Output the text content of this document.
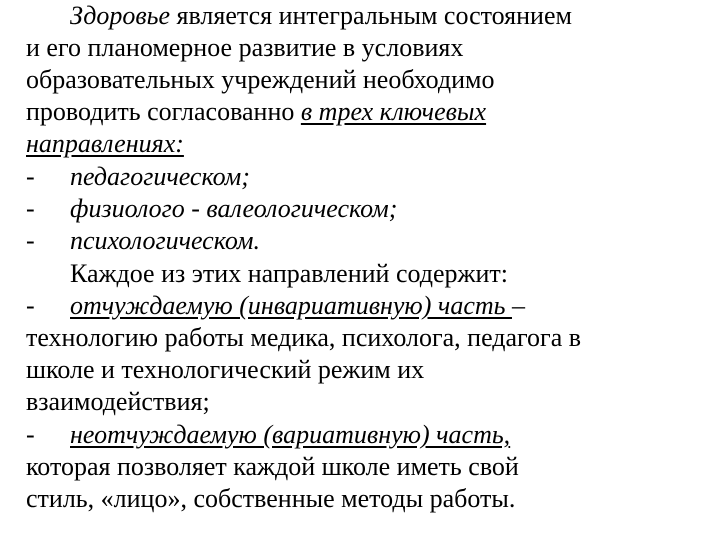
Здоровье является интегральным состоянием
и его планомерное развитие в условиях
образовательных учреждений необходимо
проводить согласованно в трех ключевых
направлениях:
- педагогическом;
- физиолого - валеологическом;
- психологическом.
Каждое из этих направлений содержит:
- отчуждаемую (инвариативную) часть –
технологию работы медика, психолога, педагога в
школе и технологический режим их
взаимодействия;
- неотчуждаемую (вариативную) часть,
которая позволяет каждой школе иметь свой
стиль, «лицо», собственные методы работы.
